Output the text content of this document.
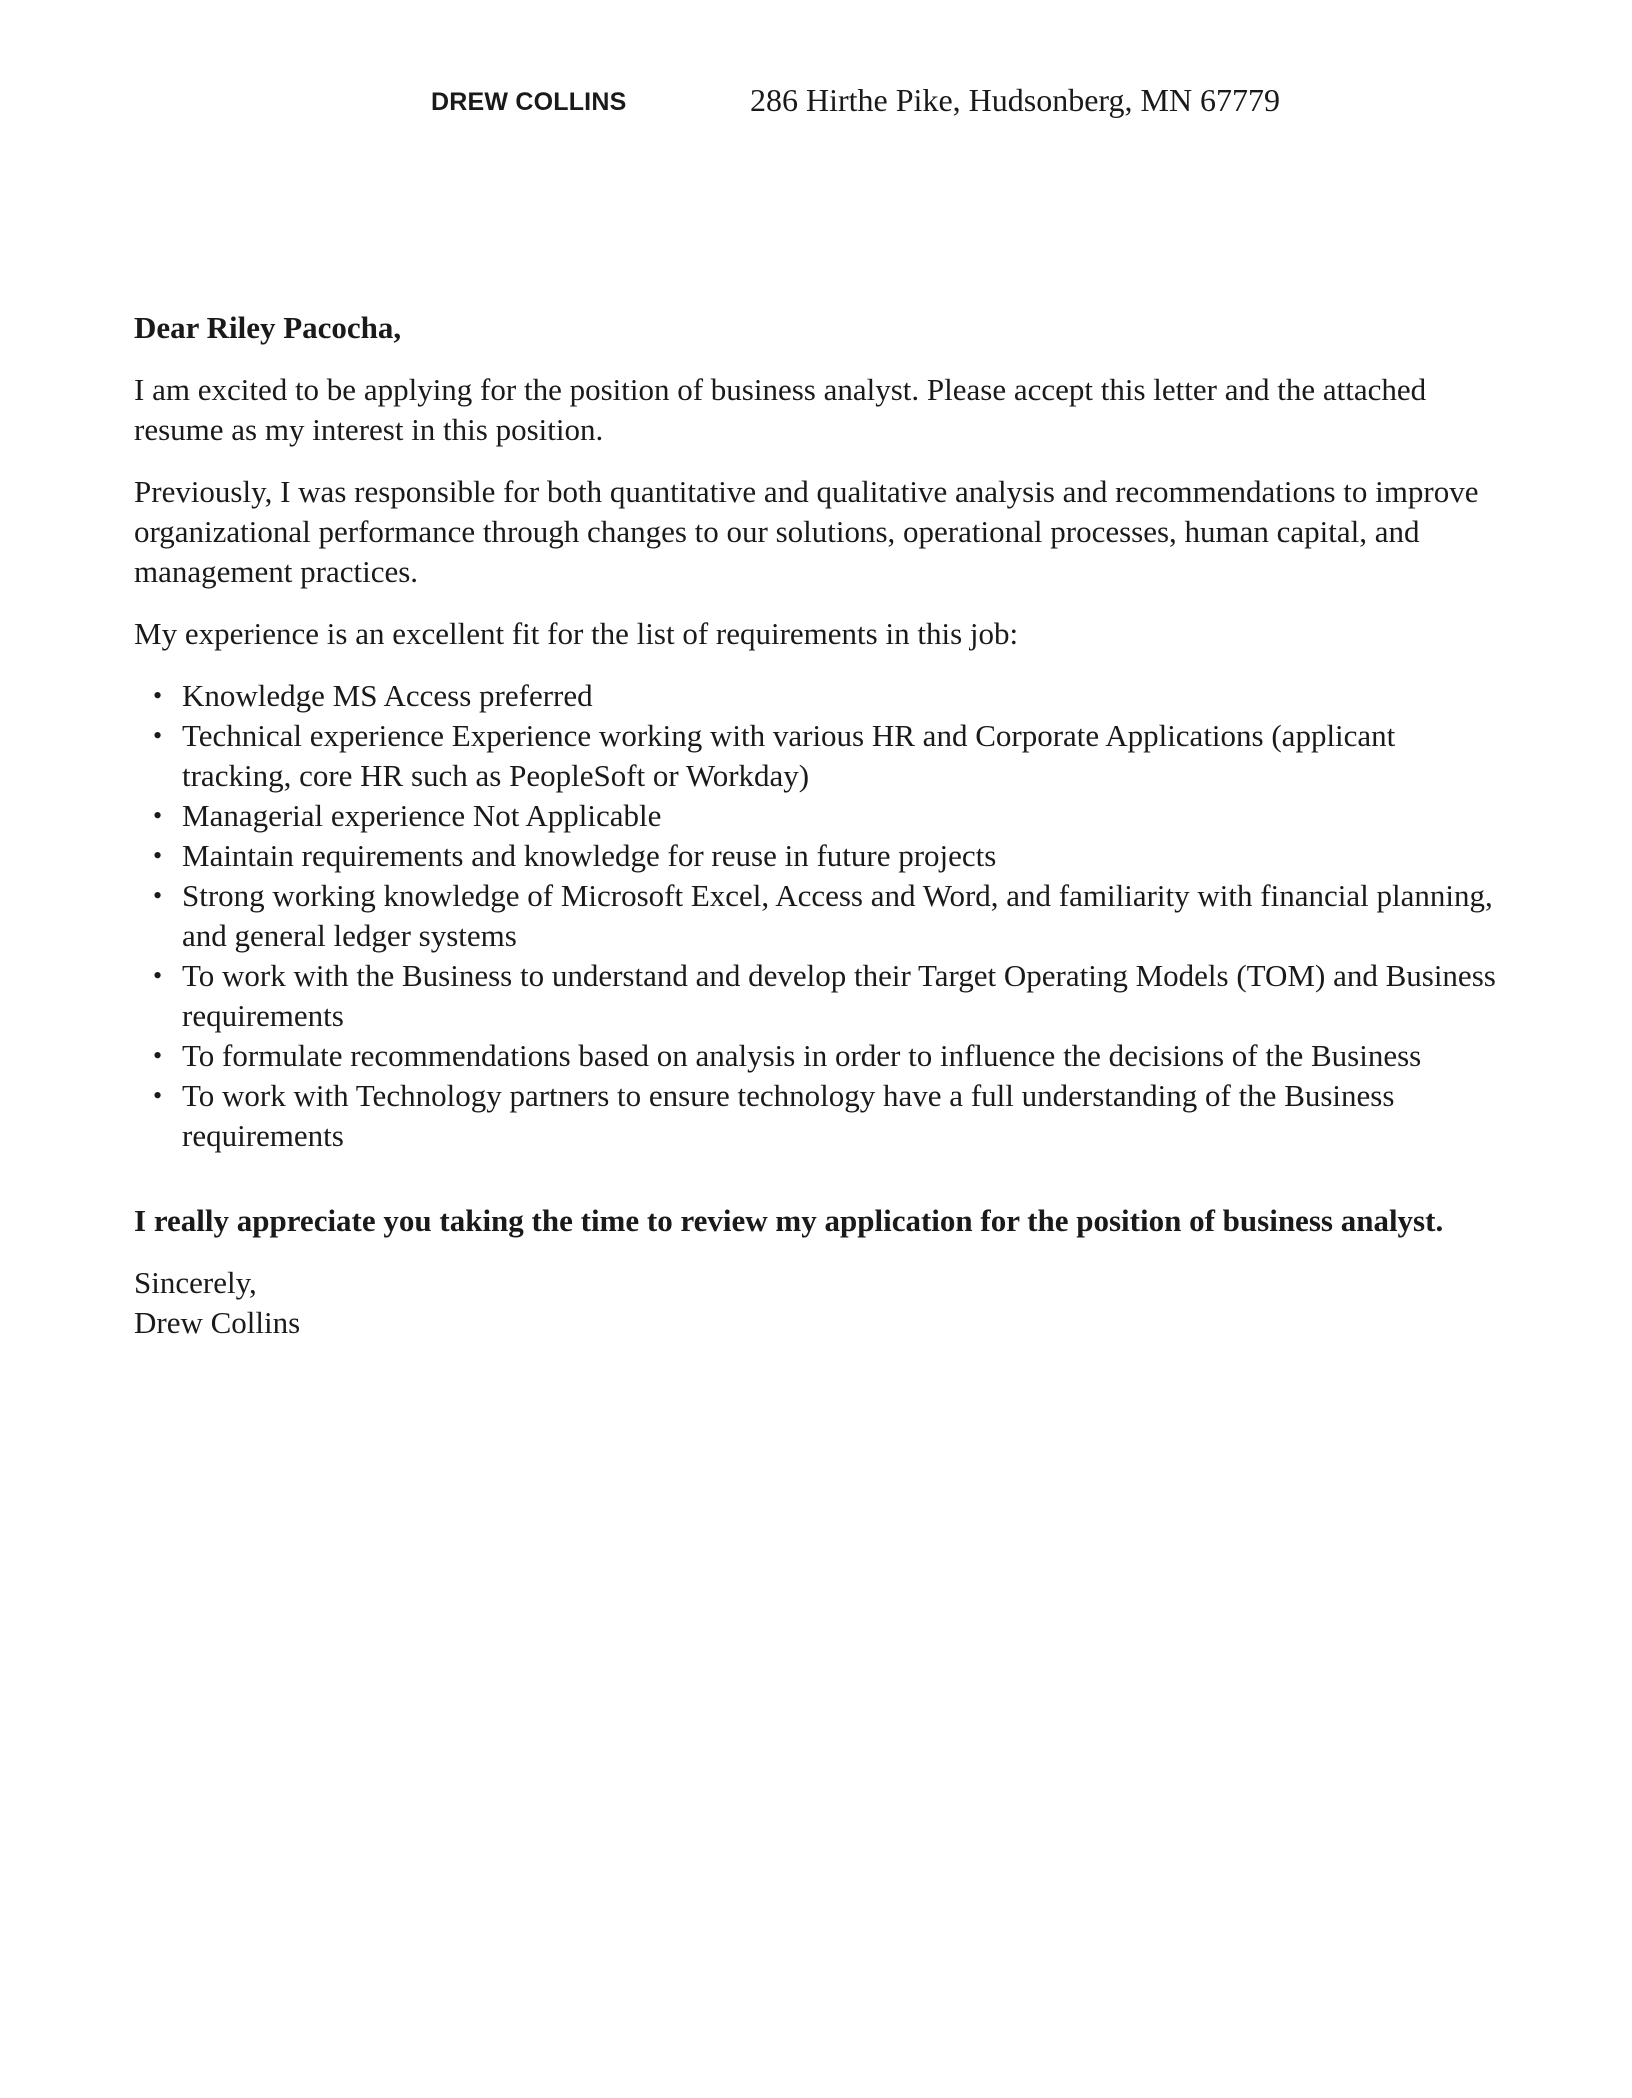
DREW COLLINS	286 Hirthe Pike, Hudsonberg, MN 67779

Dear Riley Pacocha,

I am excited to be applying for the position of business analyst. Please accept this letter and the attached resume as my interest in this position.

Previously, I was responsible for both quantitative and qualitative analysis and recommendations to improve organizational performance through changes to our solutions, operational processes, human capital, and management practices.

My experience is an excellent fit for the list of requirements in this job:

• Knowledge MS Access preferred
• Technical experience Experience working with various HR and Corporate Applications (applicant tracking, core HR such as PeopleSoft or Workday)
• Managerial experience Not Applicable
• Maintain requirements and knowledge for reuse in future projects
• Strong working knowledge of Microsoft Excel, Access and Word, and familiarity with financial planning, and general ledger systems
• To work with the Business to understand and develop their Target Operating Models (TOM) and Business requirements
• To formulate recommendations based on analysis in order to influence the decisions of the Business
• To work with Technology partners to ensure technology have a full understanding of the Business requirements

I really appreciate you taking the time to review my application for the position of business analyst.

Sincerely,

Drew Collins
